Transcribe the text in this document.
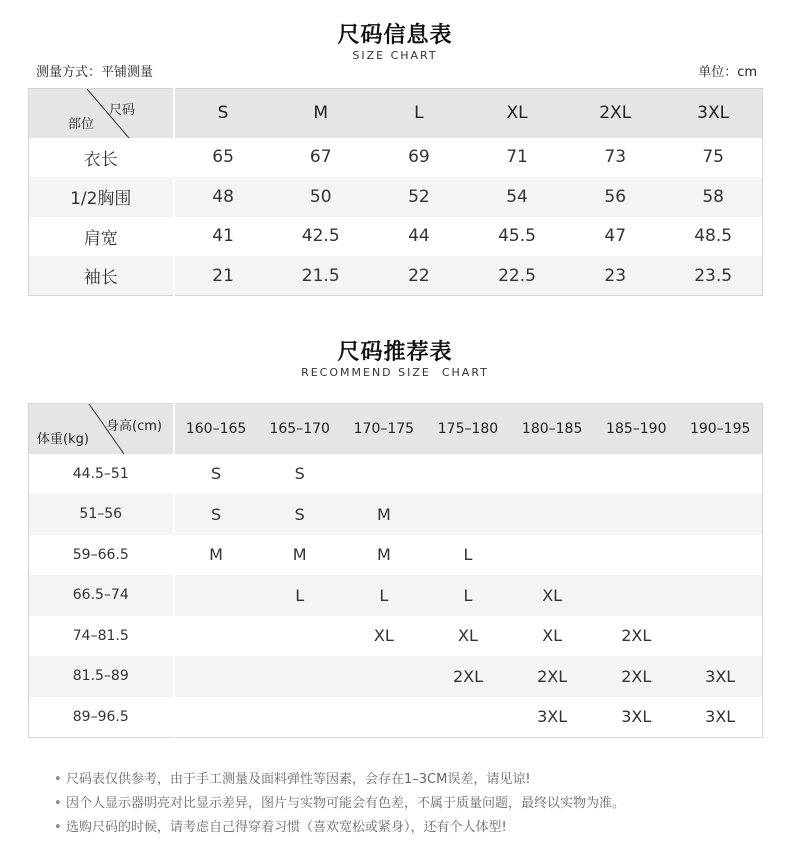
尺码信息表
SIZE CHART
测量方式：平铺测量	单位：cm
尺码
部位	S	M	L	XL	2XL	3XL
衣长	65	67	69	71	73	75
1/2胸围	48	50	52	54	56	58
肩宽	41	42.5	44	45.5	47	48.5
袖长	21	21.5	22	22.5	23	23.5
尺码推荐表
RECOMMEND SIZE  CHART
身高(cm)
体重(kg)	160–165	165–170	170–175	175–180	180–185	185–190	190–195
44.5–51	S	S					
51–56	S	S	M				
59–66.5	M	M	M	L			
66.5–74		L	L	L	XL		
74–81.5			XL	XL	XL	2XL	
81.5–89				2XL	2XL	2XL	3XL
89–96.5					3XL	3XL	3XL
• 尺码表仅供参考，由于手工测量及面料弹性等因素，会存在1–3CM误差，请见谅!
• 因个人显示器明亮对比显示差异，图片与实物可能会有色差，不属于质量问题，最终以实物为准。
• 选购尺码的时候，请考虑自己得穿着习惯（喜欢宽松或紧身），还有个人体型!
